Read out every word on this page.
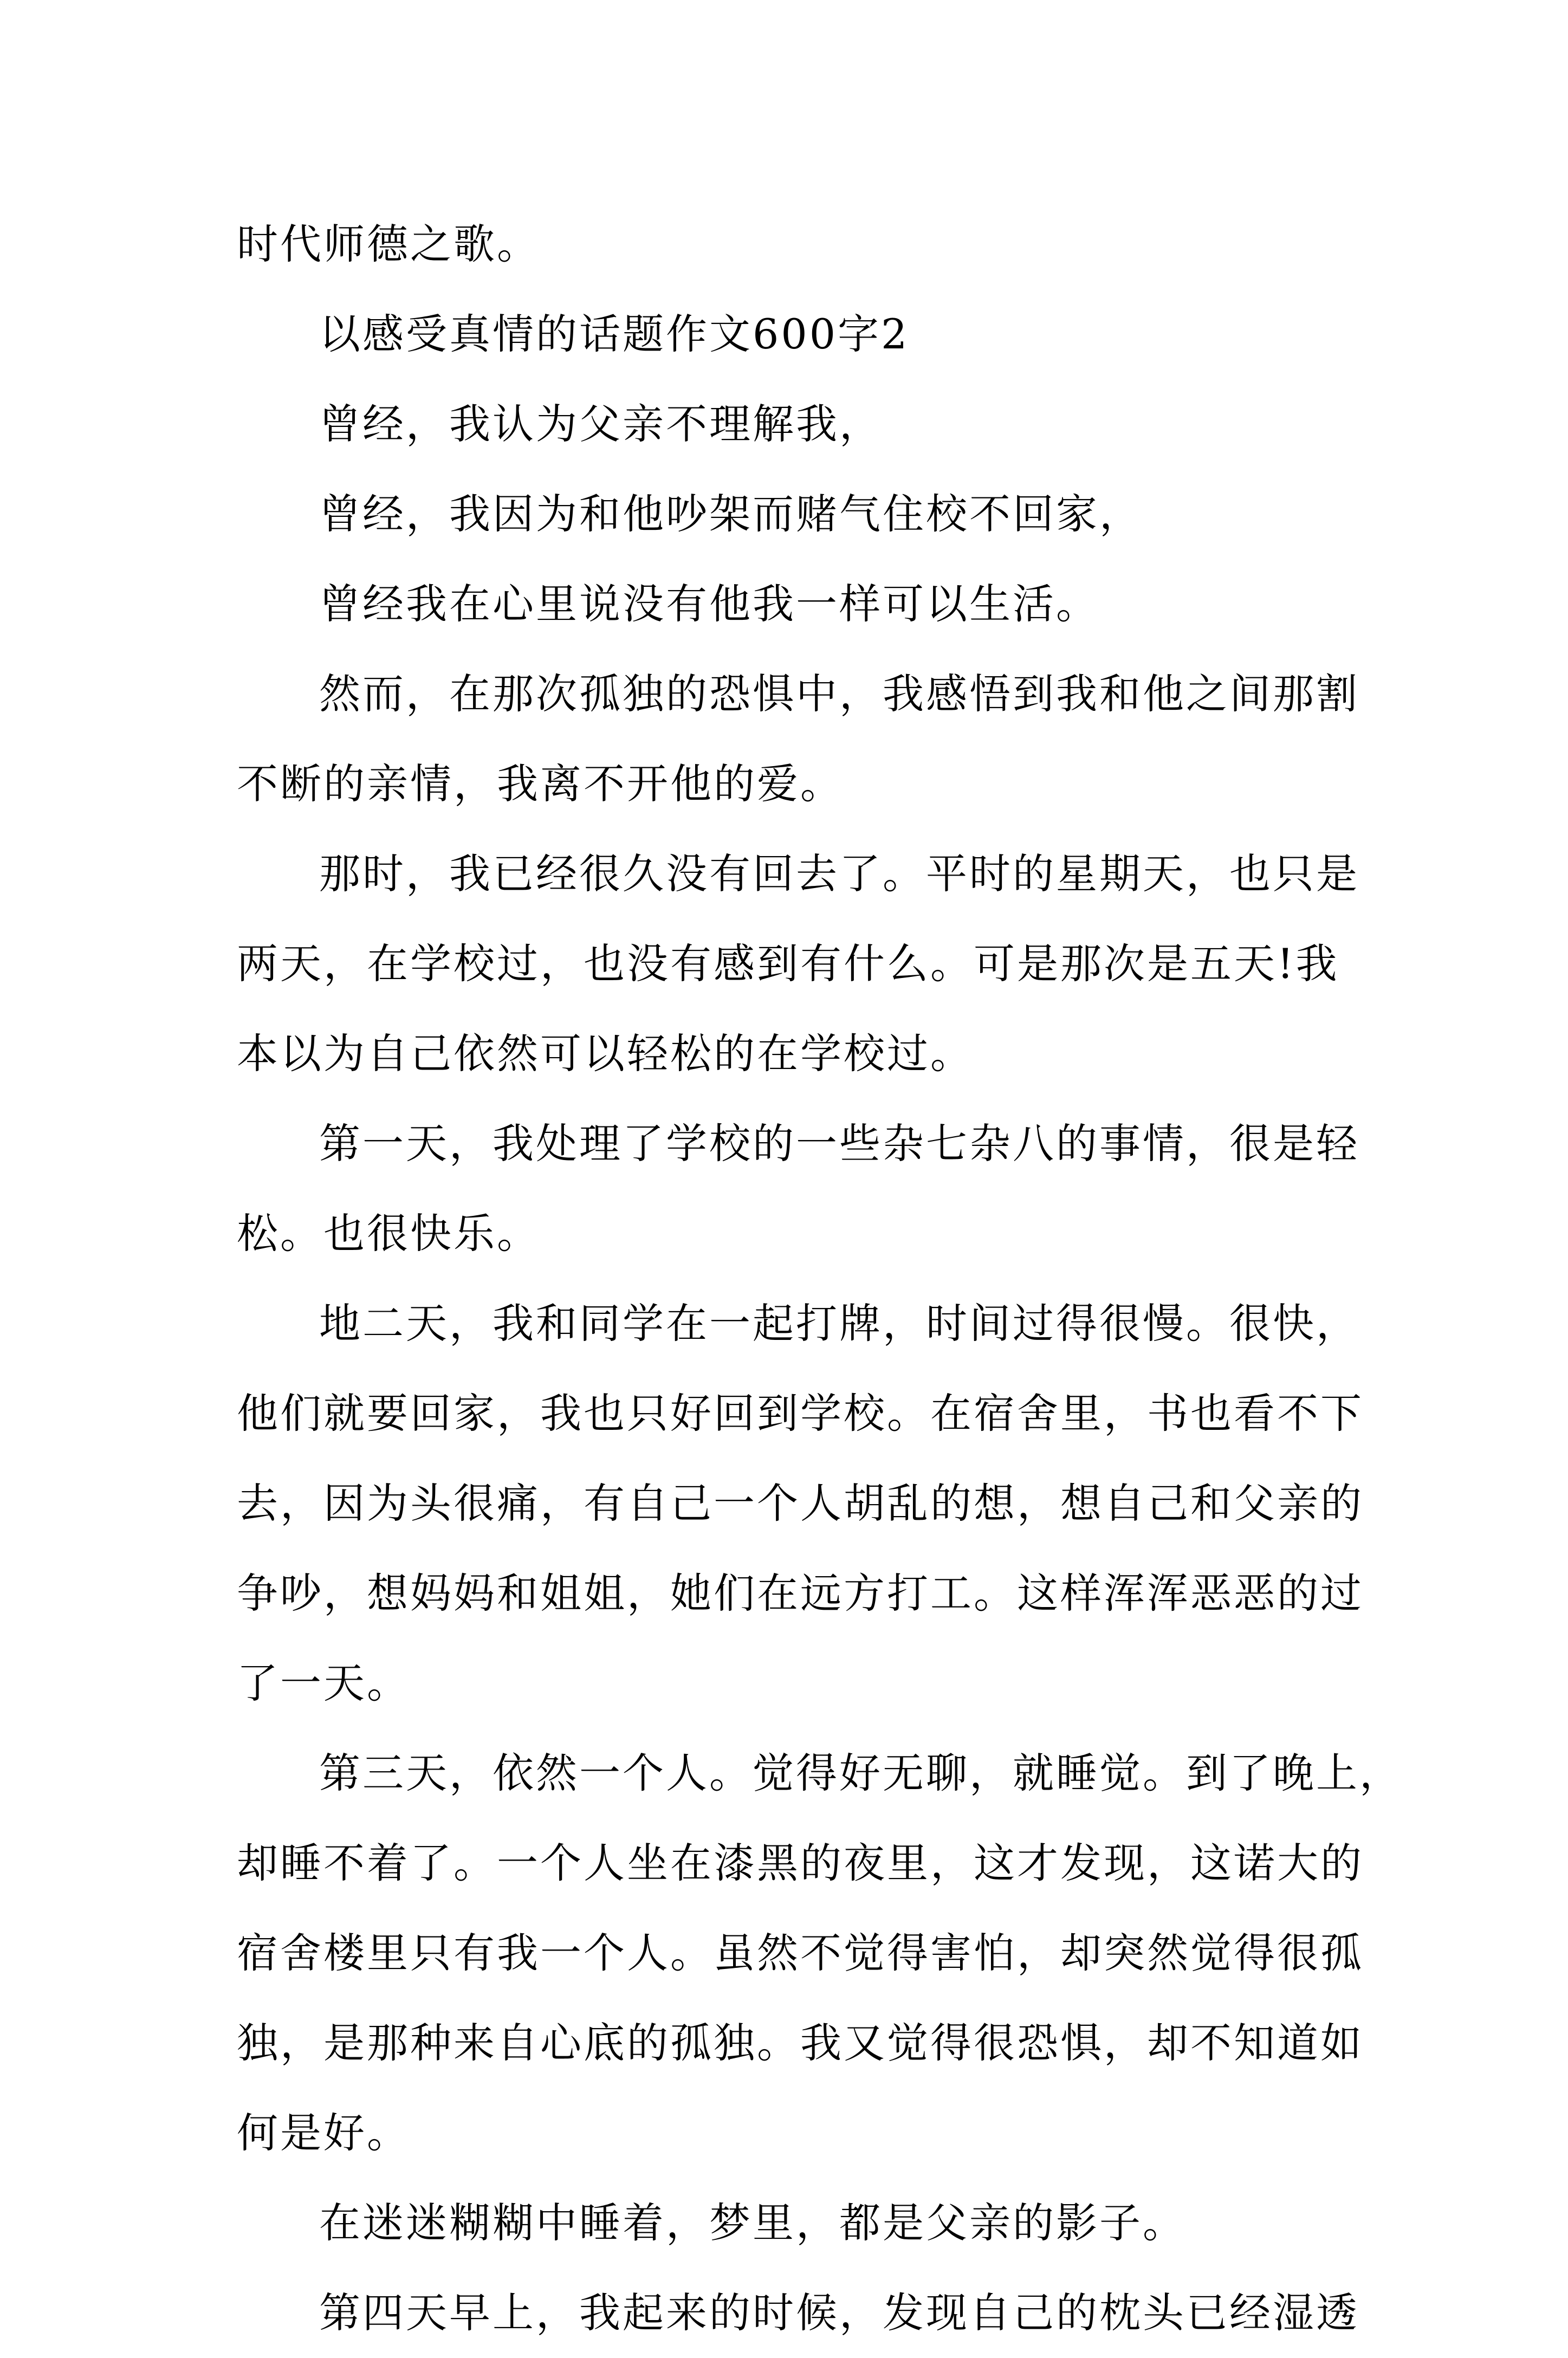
时代师德之歌。

以感受真情的话题作文600字2

曾经，我认为父亲不理解我，

曾经，我因为和他吵架而赌气住校不回家，

曾经我在心里说没有他我一样可以生活。

然而，在那次孤独的恐惧中，我感悟到我和他之间那割
不断的亲情，我离不开他的爱。

那时，我已经很久没有回去了。平时的星期天，也只是
两天，在学校过，也没有感到有什么。可是那次是五天!我
本以为自己依然可以轻松的在学校过。

第一天，我处理了学校的一些杂七杂八的事情，很是轻
松。也很快乐。

地二天，我和同学在一起打牌，时间过得很慢。很快，
他们就要回家，我也只好回到学校。在宿舍里，书也看不下
去，因为头很痛，有自己一个人胡乱的想，想自己和父亲的
争吵，想妈妈和姐姐，她们在远方打工。这样浑浑恶恶的过
了一天。

第三天，依然一个人。觉得好无聊，就睡觉。到了晚上，
却睡不着了。一个人坐在漆黑的夜里，这才发现，这诺大的
宿舍楼里只有我一个人。虽然不觉得害怕，却突然觉得很孤
独，是那种来自心底的孤独。我又觉得很恐惧，却不知道如
何是好。

在迷迷糊糊中睡着，梦里，都是父亲的影子。

第四天早上，我起来的时候，发现自己的枕头已经湿透
